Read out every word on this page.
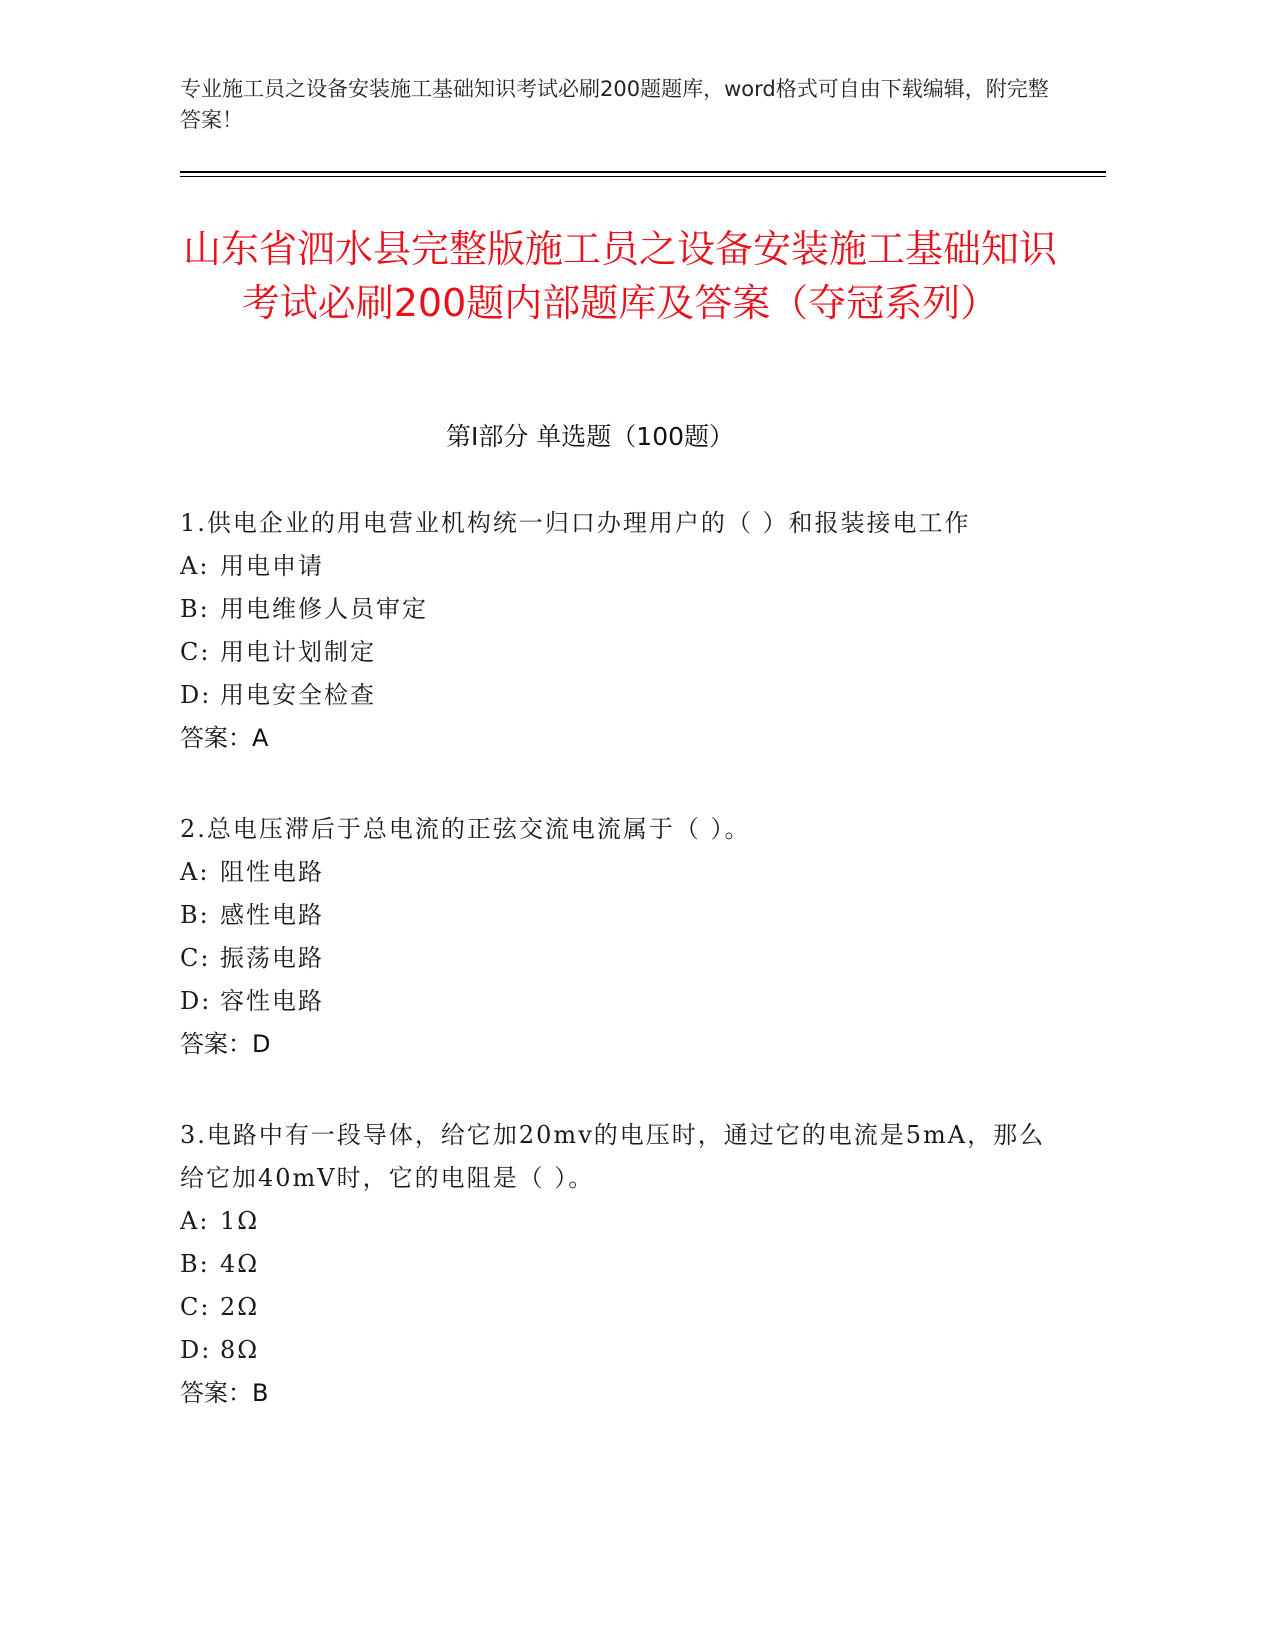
专业施工员之设备安装施工基础知识考试必刷200题题库，word格式可自由下载编辑，附完整答案！
山东省泗水县完整版施工员之设备安装施工基础知识考试必刷200题内部题库及答案（夺冠系列）
第Ⅰ部分 单选题（100题）

1.供电企业的用电营业机构统一归口办理用户的（ ）和报装接电工作

A: 用电申请
B: 用电维修人员审定
C: 用电计划制定
D: 用电安全检查

答案：A

2.总电压滞后于总电流的正弦交流电流属于（ ）。

A: 阻性电路
B: 感性电路
C: 振荡电路
D: 容性电路

答案：D

3.电路中有一段导体，给它加20mv的电压时，通过它的电流是5mA，那么给它加40mV时，它的电阻是（ ）。

A: 1Ω
B: 4Ω
C: 2Ω
D: 8Ω

答案：B
